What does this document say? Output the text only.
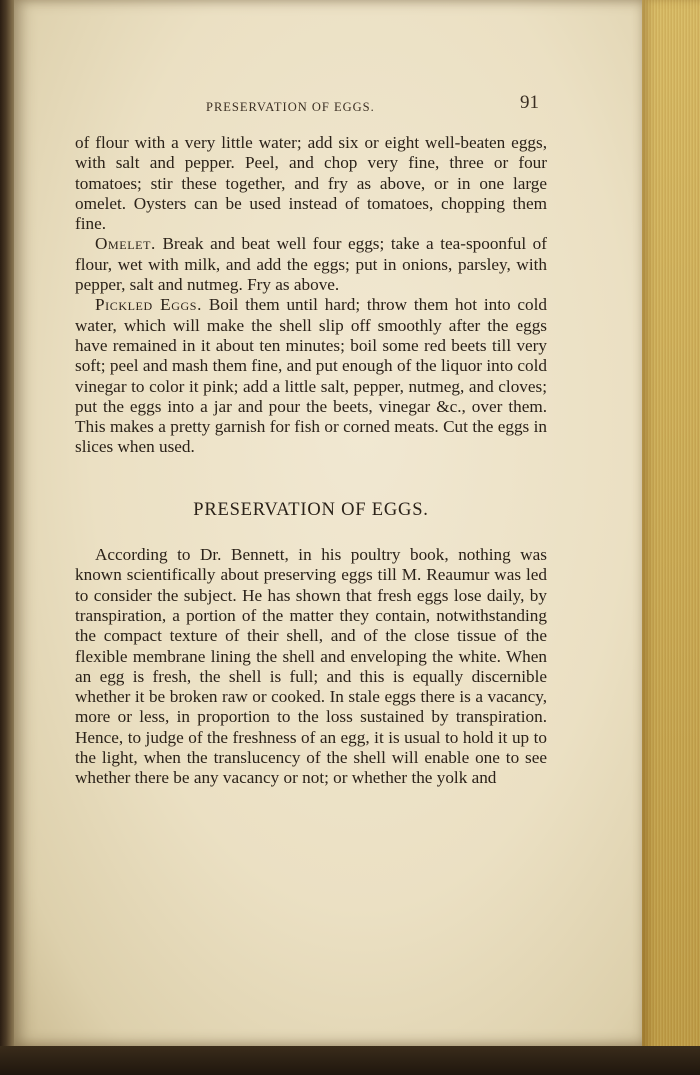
PRESERVATION OF EGGS.	91

of flour with a very little water; add six or eight well-beaten eggs, with salt and pepper. Peel, and chop very fine, three or four tomatoes; stir these together, and fry as above, or in one large omelet. Oysters can be used instead of tomatoes, chopping them fine.

Omelet. Break and beat well four eggs; take a tea-spoonful of flour, wet with milk, and add the eggs; put in onions, parsley, with pepper, salt and nutmeg. Fry as above.

Pickled Eggs. Boil them until hard; throw them hot into cold water, which will make the shell slip off smoothly after the eggs have remained in it about ten minutes; boil some red beets till very soft; peel and mash them fine, and put enough of the liquor into cold vinegar to color it pink; add a little salt, pepper, nutmeg, and cloves; put the eggs into a jar and pour the beets, vinegar &c., over them. This makes a pretty garnish for fish or corned meats. Cut the eggs in slices when used.

PRESERVATION OF EGGS.

According to Dr. Bennett, in his poultry book, nothing was known scientifically about preserving eggs till M. Reaumur was led to consider the subject. He has shown that fresh eggs lose daily, by transpiration, a portion of the matter they contain, notwithstanding the compact texture of their shell, and of the close tissue of the flexible membrane lining the shell and enveloping the white. When an egg is fresh, the shell is full; and this is equally discernible whether it be broken raw or cooked. In stale eggs there is a vacancy, more or less, in proportion to the loss sustained by transpiration. Hence, to judge of the freshness of an egg, it is usual to hold it up to the light, when the translucency of the shell will enable one to see whether there be any vacancy or not; or whether the yolk and
